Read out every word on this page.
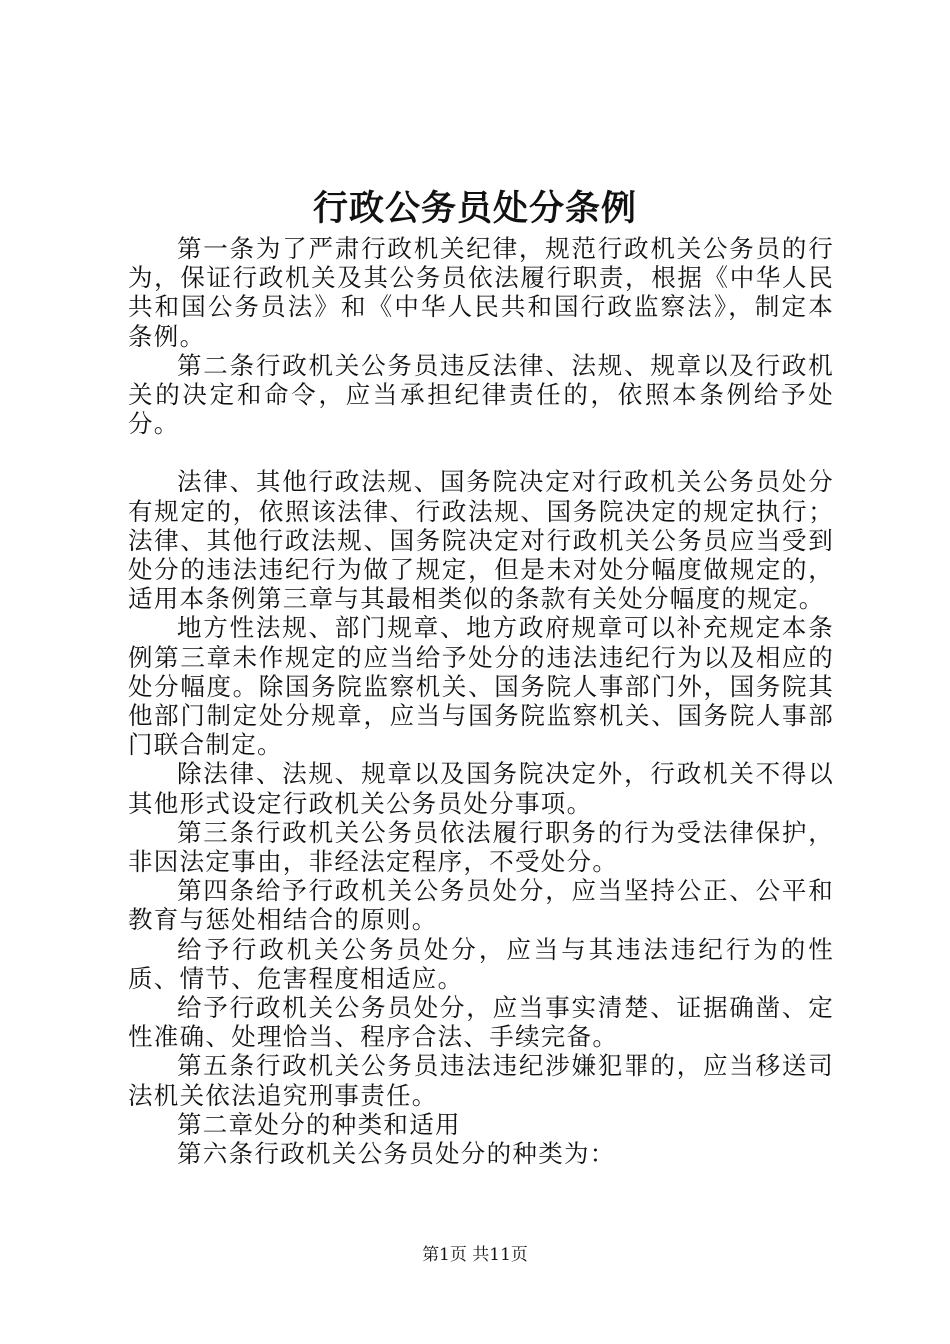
行政公务员处分条例

第一条为了严肃行政机关纪律，规范行政机关公务员的行为，保证行政机关及其公务员依法履行职责，根据《中华人民共和国公务员法》和《中华人民共和国行政监察法》，制定本条例。

第二条行政机关公务员违反法律、法规、规章以及行政机关的决定和命令，应当承担纪律责任的，依照本条例给予处分。

法律、其他行政法规、国务院决定对行政机关公务员处分有规定的，依照该法律、行政法规、国务院决定的规定执行；法律、其他行政法规、国务院决定对行政机关公务员应当受到处分的违法违纪行为做了规定，但是未对处分幅度做规定的，适用本条例第三章与其最相类似的条款有关处分幅度的规定。

地方性法规、部门规章、地方政府规章可以补充规定本条例第三章未作规定的应当给予处分的违法违纪行为以及相应的处分幅度。除国务院监察机关、国务院人事部门外，国务院其他部门制定处分规章，应当与国务院监察机关、国务院人事部门联合制定。

除法律、法规、规章以及国务院决定外，行政机关不得以其他形式设定行政机关公务员处分事项。

第三条行政机关公务员依法履行职务的行为受法律保护，非因法定事由，非经法定程序，不受处分。

第四条给予行政机关公务员处分，应当坚持公正、公平和教育与惩处相结合的原则。

给予行政机关公务员处分，应当与其违法违纪行为的性质、情节、危害程度相适应。

给予行政机关公务员处分，应当事实清楚、证据确凿、定性准确、处理恰当、程序合法、手续完备。

第五条行政机关公务员违法违纪涉嫌犯罪的，应当移送司法机关依法追究刑事责任。

第二章处分的种类和适用

第六条行政机关公务员处分的种类为：

第1页 共11页
